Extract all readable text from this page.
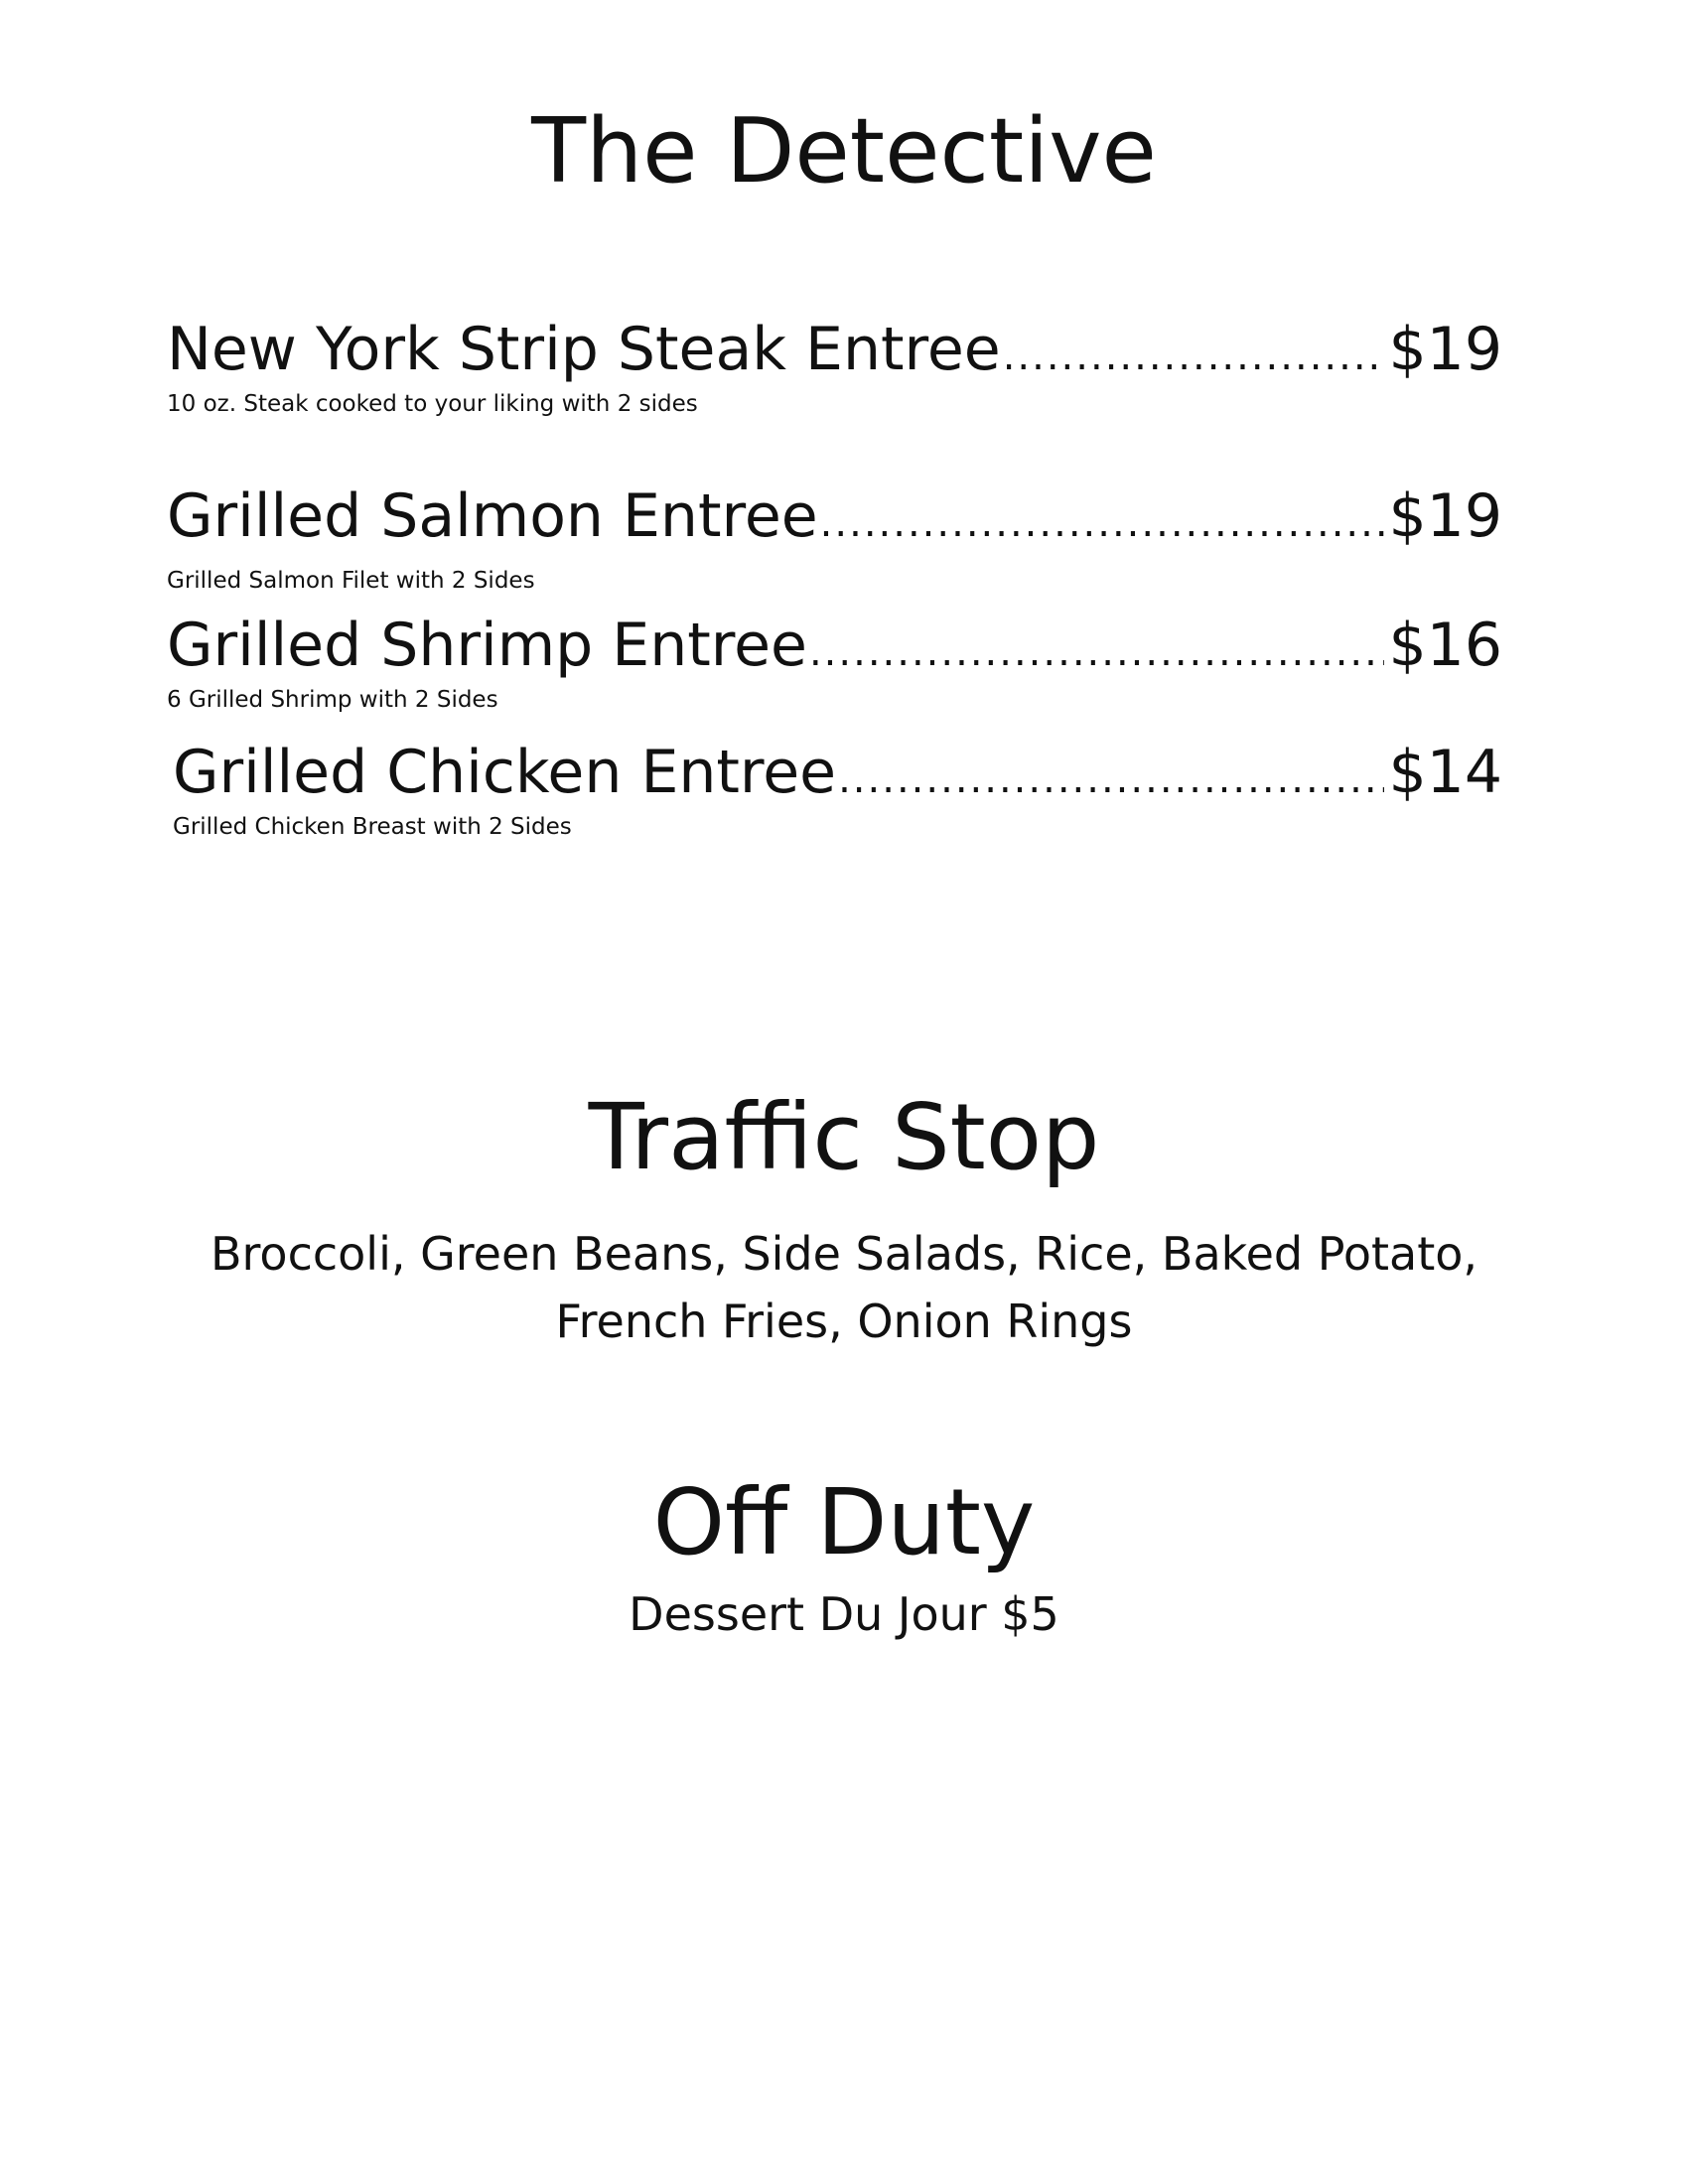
The Detective
New York Strip Steak Entree .....	$19
10 oz. Steak cooked to your liking with 2 sides
Grilled Salmon Entree .....	$19
Grilled Salmon Filet with 2 Sides
Grilled Shrimp Entree .....	$16
6 Grilled Shrimp with 2 Sides
Grilled Chicken Entree .....	$14
Grilled Chicken Breast with 2 Sides
Traffic Stop
Broccoli, Green Beans, Side Salads, Rice, Baked Potato,
French Fries, Onion Rings
Off Duty
Dessert Du Jour $5
